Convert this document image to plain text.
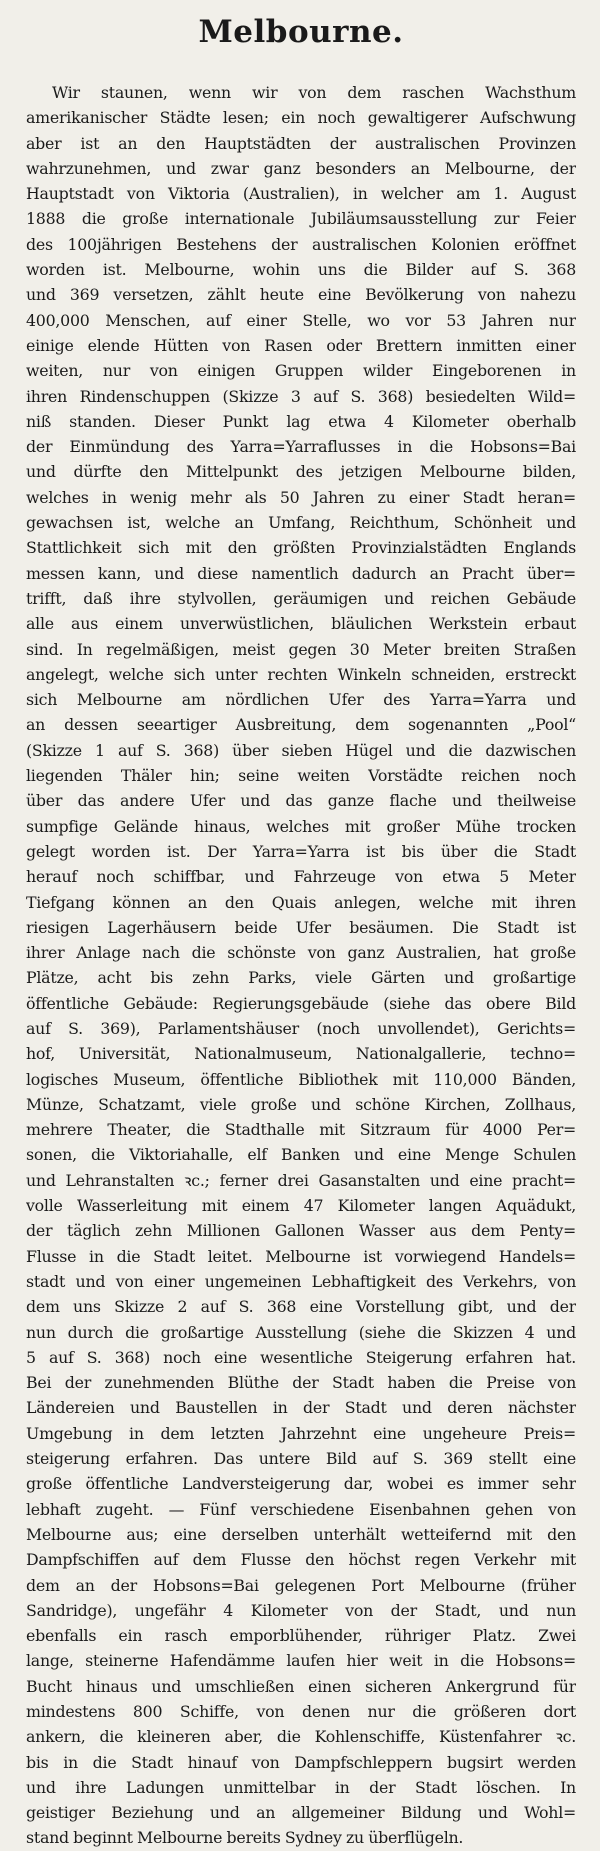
Melbourne.
Wir staunen, wenn wir von dem raschen Wachsthum
amerikanischer Städte lesen; ein noch gewaltigerer Aufschwung
aber ist an den Hauptstädten der australischen Provinzen
wahrzunehmen, und zwar ganz besonders an Melbourne, der
Hauptstadt von Viktoria (Australien), in welcher am 1. August
1888 die große internationale Jubiläumsausstellung zur Feier
des 100jährigen Bestehens der australischen Kolonien eröffnet
worden ist. Melbourne, wohin uns die Bilder auf S. 368
und 369 versetzen, zählt heute eine Bevölkerung von nahezu
400,000 Menschen, auf einer Stelle, wo vor 53 Jahren nur
einige elende Hütten von Rasen oder Brettern inmitten einer
weiten, nur von einigen Gruppen wilder Eingeborenen in
ihren Rindenschuppen (Skizze 3 auf S. 368) besiedelten Wild=
niß standen. Dieser Punkt lag etwa 4 Kilometer oberhalb
der Einmündung des Yarra=Yarraflusses in die Hobsons=Bai
und dürfte den Mittelpunkt des jetzigen Melbourne bilden,
welches in wenig mehr als 50 Jahren zu einer Stadt heran=
gewachsen ist, welche an Umfang, Reichthum, Schönheit und
Stattlichkeit sich mit den größten Provinzialstädten Englands
messen kann, und diese namentlich dadurch an Pracht über=
trifft, daß ihre stylvollen, geräumigen und reichen Gebäude
alle aus einem unverwüstlichen, bläulichen Werkstein erbaut
sind. In regelmäßigen, meist gegen 30 Meter breiten Straßen
angelegt, welche sich unter rechten Winkeln schneiden, erstreckt
sich Melbourne am nördlichen Ufer des Yarra=Yarra und
an dessen seeartiger Ausbreitung, dem sogenannten „Pool“
(Skizze 1 auf S. 368) über sieben Hügel und die dazwischen
liegenden Thäler hin; seine weiten Vorstädte reichen noch
über das andere Ufer und das ganze flache und theilweise
sumpfige Gelände hinaus, welches mit großer Mühe trocken
gelegt worden ist. Der Yarra=Yarra ist bis über die Stadt
herauf noch schiffbar, und Fahrzeuge von etwa 5 Meter
Tiefgang können an den Quais anlegen, welche mit ihren
riesigen Lagerhäusern beide Ufer besäumen. Die Stadt ist
ihrer Anlage nach die schönste von ganz Australien, hat große
Plätze, acht bis zehn Parks, viele Gärten und großartige
öffentliche Gebäude: Regierungsgebäude (siehe das obere Bild
auf S. 369), Parlamentshäuser (noch unvollendet), Gerichts=
hof, Universität, Nationalmuseum, Nationalgallerie, techno=
logisches Museum, öffentliche Bibliothek mit 110,000 Bänden,
Münze, Schatzamt, viele große und schöne Kirchen, Zollhaus,
mehrere Theater, die Stadthalle mit Sitzraum für 4000 Per=
sonen, die Viktoriahalle, elf Banken und eine Menge Schulen
und Lehranstalten ꝛc.; ferner drei Gasanstalten und eine pracht=
volle Wasserleitung mit einem 47 Kilometer langen Aquädukt,
der täglich zehn Millionen Gallonen Wasser aus dem Penty=
Flusse in die Stadt leitet. Melbourne ist vorwiegend Handels=
stadt und von einer ungemeinen Lebhaftigkeit des Verkehrs, von
dem uns Skizze 2 auf S. 368 eine Vorstellung gibt, und der
nun durch die großartige Ausstellung (siehe die Skizzen 4 und
5 auf S. 368) noch eine wesentliche Steigerung erfahren hat.
Bei der zunehmenden Blüthe der Stadt haben die Preise von
Ländereien und Baustellen in der Stadt und deren nächster
Umgebung in dem letzten Jahrzehnt eine ungeheure Preis=
steigerung erfahren. Das untere Bild auf S. 369 stellt eine
große öffentliche Landversteigerung dar, wobei es immer sehr
lebhaft zugeht. — Fünf verschiedene Eisenbahnen gehen von
Melbourne aus; eine derselben unterhält wetteifernd mit den
Dampfschiffen auf dem Flusse den höchst regen Verkehr mit
dem an der Hobsons=Bai gelegenen Port Melbourne (früher
Sandridge), ungefähr 4 Kilometer von der Stadt, und nun
ebenfalls ein rasch emporblühender, rühriger Platz. Zwei
lange, steinerne Hafendämme laufen hier weit in die Hobsons=
Bucht hinaus und umschließen einen sicheren Ankergrund für
mindestens 800 Schiffe, von denen nur die größeren dort
ankern, die kleineren aber, die Kohlenschiffe, Küstenfahrer ꝛc.
bis in die Stadt hinauf von Dampfschleppern bugsirt werden
und ihre Ladungen unmittelbar in der Stadt löschen. In
geistiger Beziehung und an allgemeiner Bildung und Wohl=
stand beginnt Melbourne bereits Sydney zu überflügeln.
